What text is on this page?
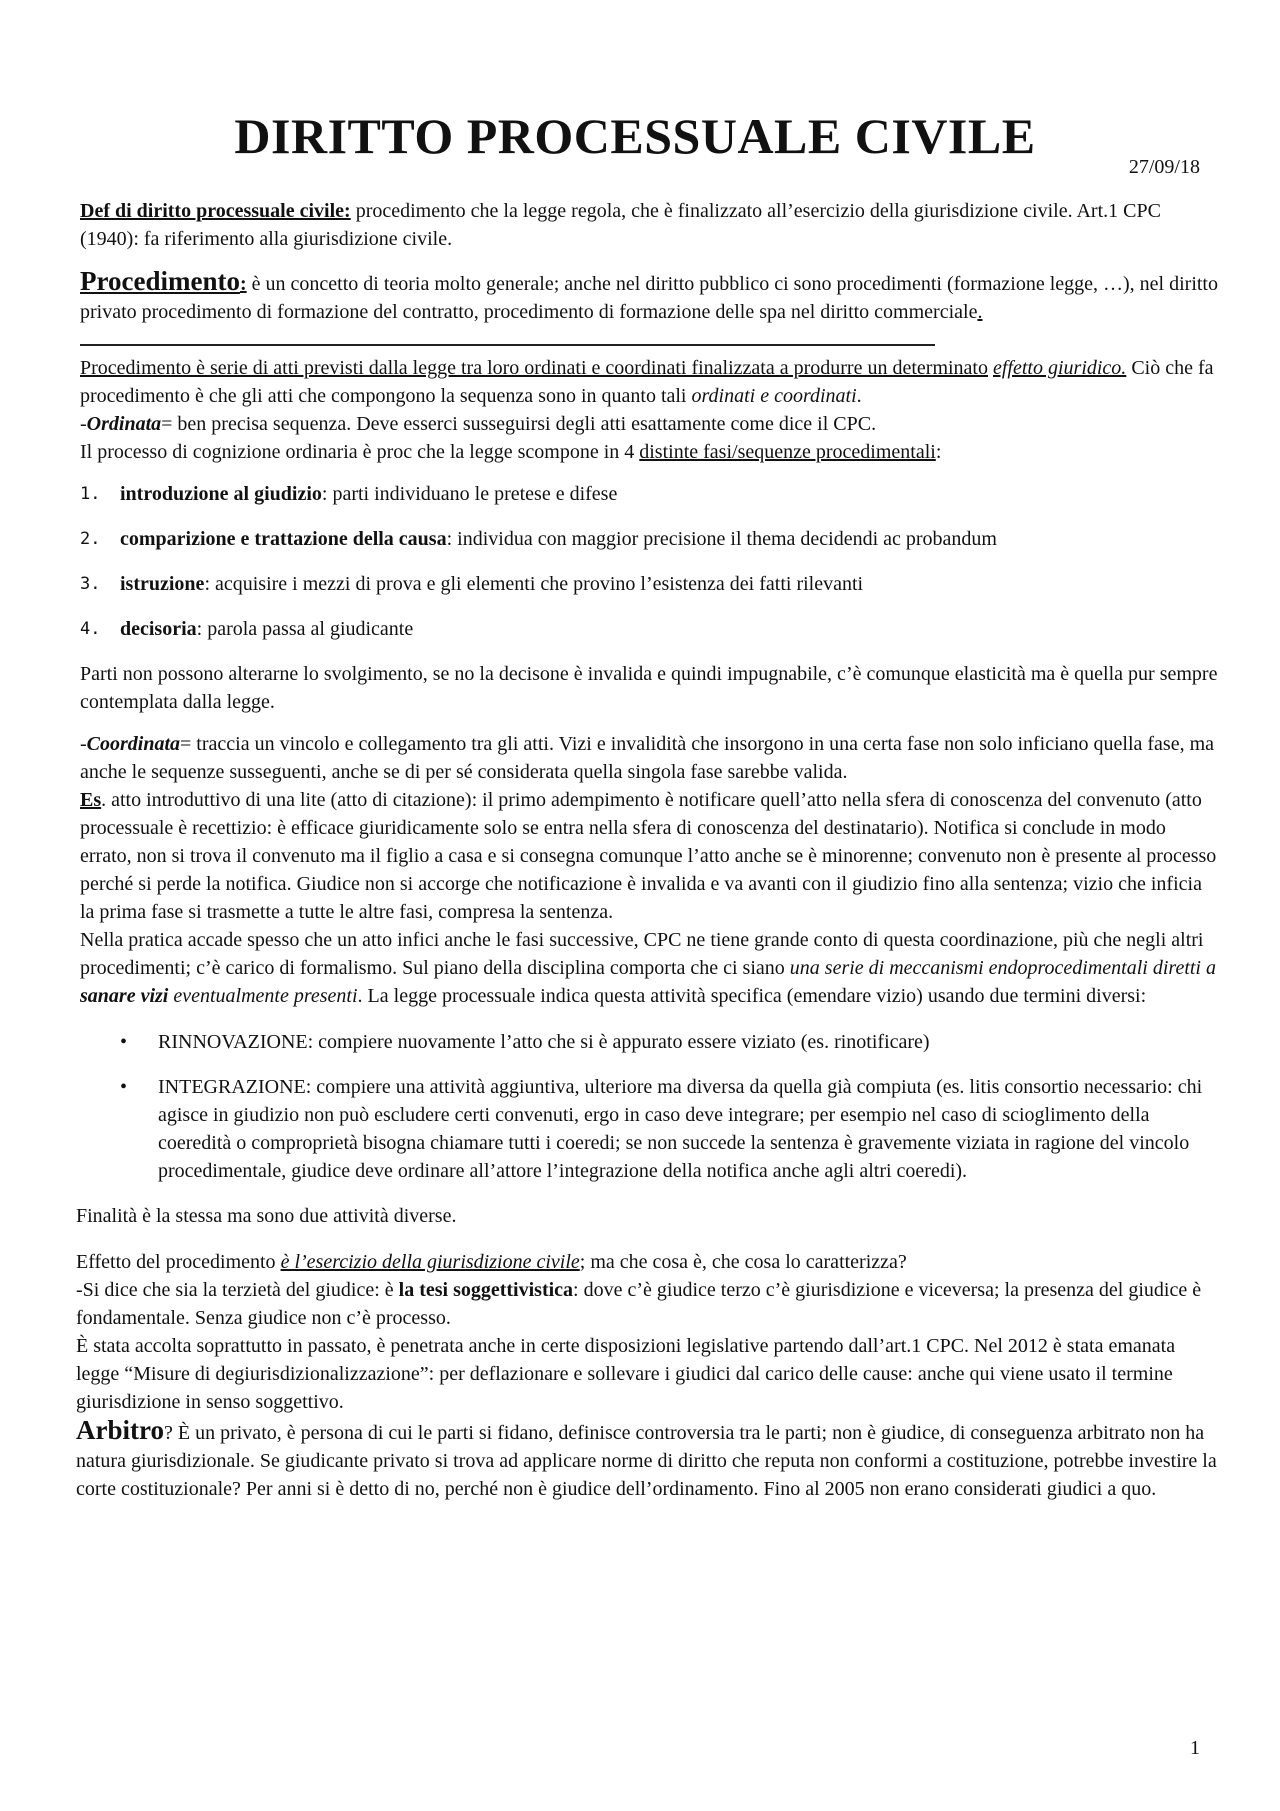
DIRITTO PROCESSUALE CIVILE
27/09/18

Def di diritto processuale civile: procedimento che la legge regola, che è finalizzato all’esercizio della giurisdizione civile. Art.1 CPC (1940): fa riferimento alla giurisdizione civile.

Procedimento: è un concetto di teoria molto generale; anche nel diritto pubblico ci sono procedimenti (formazione legge, …), nel diritto privato procedimento di formazione del contratto, procedimento di formazione delle spa nel diritto commerciale.

Procedimento è serie di atti previsti dalla legge tra loro ordinati e coordinati finalizzata a produrre un determinato effetto giuridico. Ciò che fa procedimento è che gli atti che compongono la sequenza sono in quanto tali ordinati e coordinati.

-Ordinata= ben precisa sequenza. Deve esserci susseguirsi degli atti esattamente come dice il CPC.

Il processo di cognizione ordinaria è proc che la legge scompone in 4 distinte fasi/sequenze procedimentali:

1. introduzione al giudizio: parti individuano le pretese e difese
2. comparizione e trattazione della causa: individua con maggior precisione il thema decidendi ac probandum
3. istruzione: acquisire i mezzi di prova e gli elementi che provino l’esistenza dei fatti rilevanti
4. decisoria: parola passa al giudicante

Parti non possono alterarne lo svolgimento, se no la decisone è invalida e quindi impugnabile, c’è comunque elasticità ma è quella pur sempre contemplata dalla legge.

-Coordinata= traccia un vincolo e collegamento tra gli atti. Vizi e invalidità che insorgono in una certa fase non solo inficiano quella fase, ma anche le sequenze susseguenti, anche se di per sé considerata quella singola fase sarebbe valida.

Es. atto introduttivo di una lite (atto di citazione): il primo adempimento è notificare quell’atto nella sfera di conoscenza del convenuto (atto processuale è recettizio: è efficace giuridicamente solo se entra nella sfera di conoscenza del destinatario). Notifica si conclude in modo errato, non si trova il convenuto ma il figlio a casa e si consegna comunque l’atto anche se è minorenne; convenuto non è presente al processo perché si perde la notifica. Giudice non si accorge che notificazione è invalida e va avanti con il giudizio fino alla sentenza; vizio che inficia la prima fase si trasmette a tutte le altre fasi, compresa la sentenza.

Nella pratica accade spesso che un atto infici anche le fasi successive, CPC ne tiene grande conto di questa coordinazione, più che negli altri procedimenti; c’è carico di formalismo. Sul piano della disciplina comporta che ci siano una serie di meccanismi endoprocedimentali diretti a sanare vizi eventualmente presenti. La legge processuale indica questa attività specifica (emendare vizio) usando due termini diversi:

• RINNOVAZIONE: compiere nuovamente l’atto che si è appurato essere viziato (es. rinotificare)
• INTEGRAZIONE: compiere una attività aggiuntiva, ulteriore ma diversa da quella già compiuta (es. litis consortio necessario: chi agisce in giudizio non può escludere certi convenuti, ergo in caso deve integrare; per esempio nel caso di scioglimento della coeredità o comproprietà bisogna chiamare tutti i coeredi; se non succede la sentenza è gravemente viziata in ragione del vincolo procedimentale, giudice deve ordinare all’attore l’integrazione della notifica anche agli altri coeredi).

Finalità è la stessa ma sono due attività diverse.

Effetto del procedimento è l’esercizio della giurisdizione civile; ma che cosa è, che cosa lo caratterizza?

-Si dice che sia la terzietà del giudice: è la tesi soggettivistica: dove c’è giudice terzo c’è giurisdizione e viceversa; la presenza del giudice è fondamentale. Senza giudice non c’è processo.

È stata accolta soprattutto in passato, è penetrata anche in certe disposizioni legislative partendo dall’art.1 CPC. Nel 2012 è stata emanata legge “Misure di degiurisdizionalizzazione”: per deflazionare e sollevare i giudici dal carico delle cause: anche qui viene usato il termine giurisdizione in senso soggettivo.

Arbitro? È un privato, è persona di cui le parti si fidano, definisce controversia tra le parti; non è giudice, di conseguenza arbitrato non ha natura giurisdizionale. Se giudicante privato si trova ad applicare norme di diritto che reputa non conformi a costituzione, potrebbe investire la corte costituzionale? Per anni si è detto di no, perché non è giudice dell’ordinamento. Fino al 2005 non erano considerati giudici a quo.

1
